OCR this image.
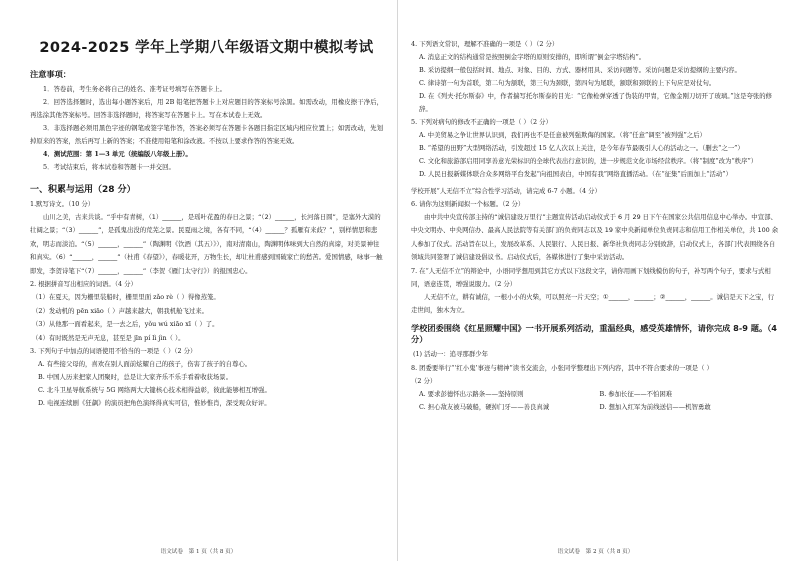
2024-2025 学年上学期八年级语文期中模拟考试
注意事项：
1．答卷前，考生务必将自己的姓名、准考证号填写在答题卡上。
2．回答选择题时，选出每小题答案后，用 2B 铅笔把答题卡上对应题目的答案标号涂黑。如需改动，用橡皮擦干净后，再选涂其他答案标号。回答非选择题时，将答案写在答题卡上。写在本试卷上无效。
3．非选择题必须用黑色字迹的钢笔或签字笔作答，答案必须写在答题卡各题目指定区域内相应位置上；如需改动，先划掉原来的答案，然后再写上新的答案；不准使用铅笔和涂改液。不按以上要求作答的答案无效。
4．测试范围：第 1—3 单元（统编版八年级上册）。
5．考试结束后，将本试卷和答题卡一并交回。
一、积累与运用（28 分）
1.默写诗文。（10 分）
山川之美，古来共谈。“乎中有青树，（1）______，是瑶叶花盈的春日之景；“（2）______，长河落日圆”，是塞外大漠的壮阔之景；“（3）______”，是孤鬼出没的荒芜之景。民夏雨之境，各有不同，“（4）______？孤雁有来歧？”，别样情思和悲欢，明志而淡泊。“（5）______，______”（陶渊明《饮酒（其五）》），南对清南山，陶渊明体味到大自然的真谛，对美景神往和真实。（6）“______，______”（杜甫《春望》），春暖花开，万物生长，却让杜甫感到国破家亡的愁苦。爱国情感，咏事一触即发，李贺诗笔下“（7）______，______”（李贺《雁门太守行》）的报国忠心。
2. 根据拼音写出相应的词语。（4 分）
（1）在夏天，因为栅里装船时，栅里里面 zǎo rè（ ）得像蒸笼。
（2）发动机的 pēn xiāo（ ）声越来越大，朝我机舱飞过来。
（3）从他那一面看起来，是一去之后，yǒu wú xiāo xī（ ）了。
（4）有时既然是无声无息，甚至是 jīn pí lì jìn（ ）。
3. 下列句子中加点的词语使用不恰当的一项是（ ）（2 分）
A. 有些接父母的，喜欢在别人面前炫耀自己的孩子，伤害了孩子的自尊心。
B. 中国人历来把家人团聚时，总是让大家齐乐不乐手看着收获场景。
C. 北斗卫星导航系统与 5G 网络两大大键核心技术相得益彰，彼此能够相互增强。
D. 电视连续剧《狂飙》的演员把角色演绎得真实可信，惟妙惟肖，深受观众好评。
语文试卷　第 1 页（共 8 页）
4. 下列语文常识，理解不准确的一项是（ ）（2 分）
A. 消息正文的结构通常是按照倒金字塔的原则安排的，即所谓“倒金字塔结构”。
B. 采访提纲一般包括时间、地点、对象、目的、方式、器材用具、采访问题等。采访问题是采访提纲的主要内容。
C. 律诗第一句为首联，第二句为颔联，第三句为颈联，第四句为尾联，颔联和颈联的上下句应是对仗句。
D. 在《列夫·托尔斯泰》中，作者揣写托尔斯泰的目光：“它像枪弹穿透了伪装的甲胄，它像金刚刀切开了玻璃。”这是夸张的修辞。
5. 下列对病句的修改不正确的一项是（ ）（2 分）
A. 中美贸易之争让世界认识到，我们再也不是任意被列强欺侮的国家。（将“任意”调至“被列强”之后）
B. “希望的田野”大型网络活动，引发超过 15 亿人次以上关注，是今年春节最吸引人心的活动之一。（删去“之一”）
C. 文化和旅游部启用同享善意光荣标识的全球代表出行意识的，进一步规范文化市场经营秩序。（将“制度”改为“秩序”）
D. 人民日报新媒体联合众多网络平台发起“向祖国表白，中国有我”网络直播活动。（在“征集”后面加上“活动”）
学校开展“人无信不立”综合性学习活动，请完成 6-7 小题。（4 分）
6. 请你为这则新闻拟一个标题。（2 分）
由中共中央宣传部主持的“诚信建设万里行”主题宣传活动启动仪式于 6 月 29 日下午在国家公共信用信息中心举办。中宣部、中央文明办、中央网信办、最高人民法院等有关部门的负责同志以及 19 家中央新闻单位负责同志和信用工作相关单位，共 100 余人参加了仪式。活动旨在以上，发展改革系、人民银行、人民日报、新华社负责同志分别致辞，启动仪式上，各部门代表围绕各自领域共同签署了诚信建设倡议书。启动仪式后，各媒体进行了集中采访活动。
7. 在“人无信不立”的辩论中，小语同学想用到其它方式以下这段文字，请你用画下划线模仿的句子，补写两个句子，要求与式相同，语意连贯，增强说服力。（2 分）
人无信不立，耕有诚信，一根小小的火柴，可以照亮一片天空；①______，______；②______，______。诚信是天下之宝，行走世间，独木为立。
学校团委围绕《红星照耀中国》一书开展系列活动，重温经典，感受英雄情怀，请你完成 8-9 题。（4 分）
(1) 活动一：追寻那群少年
8. 团委要举行“‘红小鬼’事迹与精神”读书交流会，小张同学整理出下列内容，其中不符合要求的一项是（ ）
（2 分）
A. 要求彭德怀出示路条——坚持原则	B. 参加长征——不怕困难
C. 担心敌友被马破船，硬掉门牙——善良真诚	D. 想加入红军为前线送信——机智勇敢
语文试卷　第 2 页（共 8 页）
